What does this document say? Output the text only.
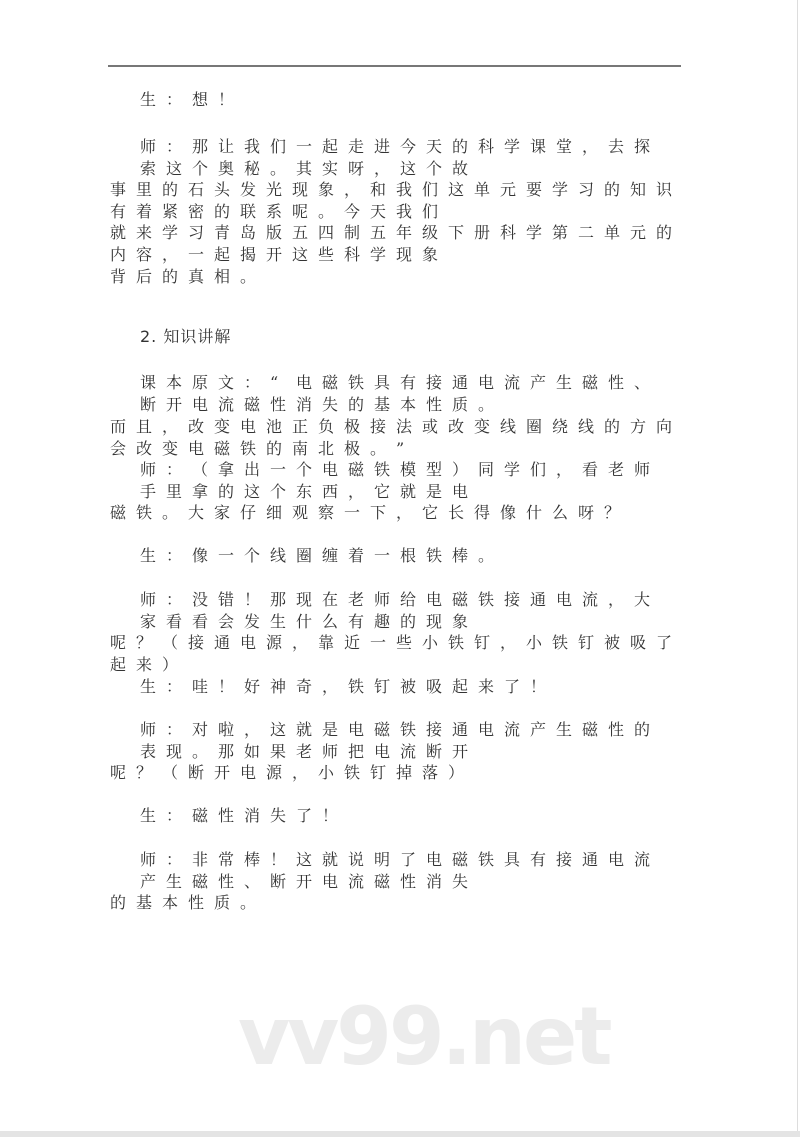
生 ： 想 ！
师 ： 那 让 我 们 一 起 走 进 今 天 的 科 学 课 堂 ， 去 探索 这 个 奥 秘 。 其 实 呀 ， 这 个 故
事 里 的 石 头 发 光 现 象 ， 和 我 们 这 单 元 要 学 习 的 知 识有 着 紧 密 的 联 系 呢 。 今 天 我 们
就 来 学 习 青 岛 版 五 四 制 五 年 级 下 册 科 学 第 二 单 元 的内 容 ， 一 起 揭 开 这 些 科 学 现 象
背 后 的 真 相 。
2. 知识讲解
课 本 原 文 ： “ 电 磁 铁 具 有 接 通 电 流 产 生 磁 性 、断 开 电 流 磁 性 消 失 的 基 本 性 质 。
而 且 ， 改 变 电 池 正 负 极 接 法 或 改 变 线 圈 绕 线 的 方 向会 改 变 电 磁 铁 的 南 北 极 。 ”
师 ： （ 拿 出 一 个 电 磁 铁 模 型 ） 同 学 们 ， 看 老 师手 里 拿 的 这 个 东 西 ， 它 就 是 电
磁 铁 。 大 家 仔 细 观 察 一 下 ， 它 长 得 像 什 么 呀 ？
生 ： 像 一 个 线 圈 缠 着 一 根 铁 棒 。
师 ： 没 错 ！ 那 现 在 老 师 给 电 磁 铁 接 通 电 流 ， 大家 看 看 会 发 生 什 么 有 趣 的 现 象
呢 ？ （ 接 通 电 源 ， 靠 近 一 些 小 铁 钉 ， 小 铁 钉 被 吸 了起 来 ）
生 ： 哇 ！ 好 神 奇 ， 铁 钉 被 吸 起 来 了 ！
师 ： 对 啦 ， 这 就 是 电 磁 铁 接 通 电 流 产 生 磁 性 的表 现 。 那 如 果 老 师 把 电 流 断 开
呢 ？ （ 断 开 电 源 ， 小 铁 钉 掉 落 ）
生 ： 磁 性 消 失 了 ！
师 ： 非 常 棒 ！ 这 就 说 明 了 电 磁 铁 具 有 接 通 电 流产 生 磁 性 、 断 开 电 流 磁 性 消 失
的 基 本 性 质 。
vv99.net
